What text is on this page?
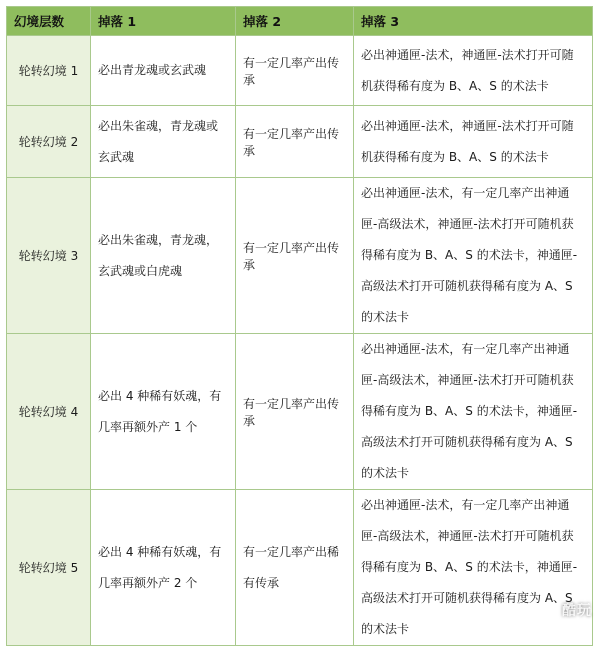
幻境层数	掉落 1	掉落 2	掉落 3
轮转幻境 1	必出青龙魂或玄武魂	有一定几率产出传承	必出神通匣-法术，神通匣-法术打开可随机获得稀有度为 B、A、S 的术法卡
轮转幻境 2	必出朱雀魂，青龙魂或玄武魂	有一定几率产出传承	必出神通匣-法术，神通匣-法术打开可随机获得稀有度为 B、A、S 的术法卡
轮转幻境 3	必出朱雀魂，青龙魂，玄武魂或白虎魂	有一定几率产出传承	必出神通匣-法术，有一定几率产出神通匣-高级法术，神通匣-法术打开可随机获得稀有度为 B、A、S 的术法卡，神通匣-高级法术打开可随机获得稀有度为 A、S 的术法卡
轮转幻境 4	必出 4 种稀有妖魂，有几率再额外产 1 个	有一定几率产出传承	必出神通匣-法术，有一定几率产出神通匣-高级法术，神通匣-法术打开可随机获得稀有度为 B、A、S 的术法卡，神通匣-高级法术打开可随机获得稀有度为 A、S 的术法卡
轮转幻境 5	必出 4 种稀有妖魂，有几率再额外产 2 个	有一定几率产出稀有传承	必出神通匣-法术，有一定几率产出神通匣-高级法术，神通匣-法术打开可随机获得稀有度为 B、A、S 的术法卡，神通匣-高级法术打开可随机获得稀有度为 A、S 的术法卡
酷玩
